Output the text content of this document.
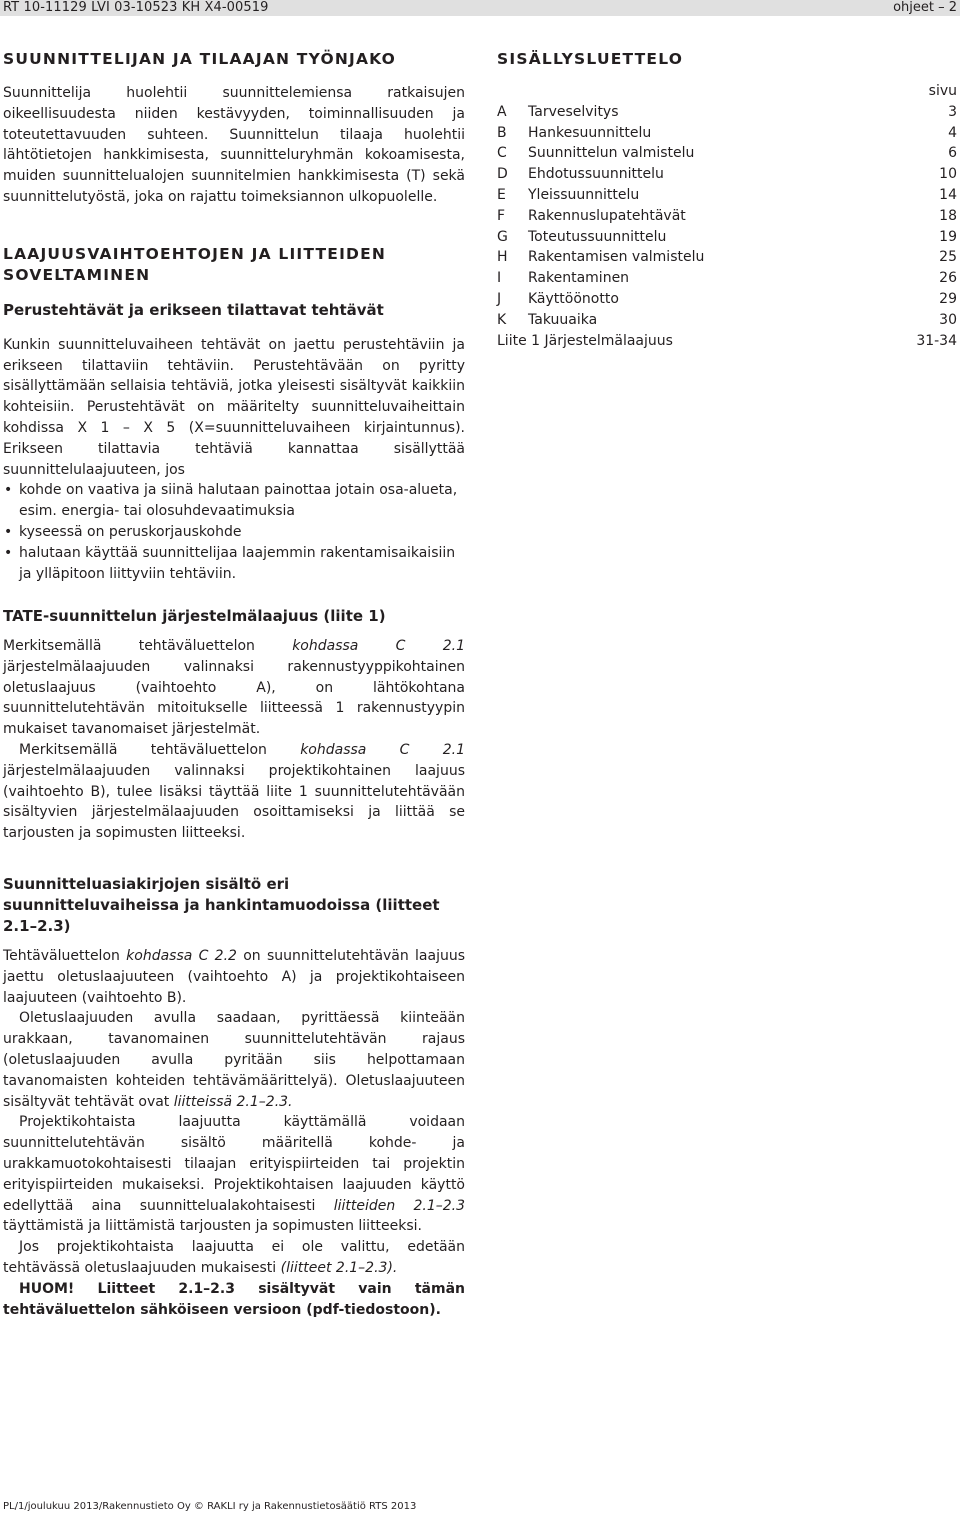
RT 10-11129 LVI 03-10523 KH X4-00519	ohjeet – 2
SUUNNITTELIJAN JA TILAAJAN TYÖNJAKO

Suunnittelija huolehtii suunnittelemiensa ratkaisujen oikeellisuudesta niiden kestävyyden, toiminnallisuuden ja toteutettavuuden suhteen. Suunnittelun tilaaja huolehtii lähtötietojen hankkimisesta, suunnitteluryhmän kokoamisesta, muiden suunnittelualojen suunnitelmien hankkimisesta (T) sekä suunnittelutyöstä, joka on rajattu toimeksiannon ulkopuolelle.

LAAJUUSVAIHTOEHTOJEN JA LIITTEIDEN SOVELTAMINEN
Perustehtävät ja erikseen tilattavat tehtävät

Kunkin suunnitteluvaiheen tehtävät on jaettu perustehtäviin ja erikseen tilattaviin tehtäviin. Perustehtävään on pyritty sisällyttämään sellaisia tehtäviä, jotka yleisesti sisältyvät kaikkiin kohteisiin. Perustehtävät on määritelty suunnitteluvaiheittain kohdissa X 1 – X 5 (X=suunnitteluvaiheen kirjaintunnus). Erikseen tilattavia tehtäviä kannattaa sisällyttää suunnittelulaajuuteen, jos

• kohde on vaativa ja siinä halutaan painottaa jotain osa-alueta, esim. energia- tai olosuhdevaatimuksia
• kyseessä on peruskorjauskohde
• halutaan käyttää suunnittelijaa laajemmin rakentamisaikaisiin ja ylläpitoon liittyviin tehtäviin.
SISÄLLYSLUETTELO
sivu		
A	Tarveselvitys	3
B	Hankesuunnittelu	4
C	Suunnittelun valmistelu	6
D	Ehdotussuunnittelu	10
E	Yleissuunnittelu	14
F	Rakennuslupatehtävät	18
G	Toteutussuunnittelu	19
H	Rakentamisen valmistelu	25
I	Rakentaminen	26
J	Käyttöönotto	29
K	Takuuaika	30
Liite 1 Järjestelmälaajuus		31-34
TATE-suunnittelun järjestelmälaajuus (liite 1)

Merkitsemällä tehtäväluettelon kohdassa C 2.1 järjestelmälaajuuden valinnaksi rakennustyyppikohtainen oletuslaajuus (vaihtoehto A), on lähtökohtana suunnittelutehtävän mitoitukselle liitteessä 1 rakennustyypin mukaiset tavanomaiset järjestelmät.

Merkitsemällä tehtäväluettelon kohdassa C 2.1 järjestelmälaajuuden valinnaksi projektikohtainen laajuus (vaihtoehto B), tulee lisäksi täyttää liite 1 suunnittelutehtävään sisältyvien järjestelmälaajuuden osoittamiseksi ja liittää se tarjousten ja sopimusten liitteeksi.

Suunnitteluasiakirjojen sisältö eri suunnitteluvaiheissa ja hankintamuodoissa (liitteet 2.1–2.3)

Tehtäväluettelon kohdassa C 2.2 on suunnittelutehtävän laajuus jaettu oletuslaajuuteen (vaihtoehto A) ja projektikohtaiseen laajuuteen (vaihtoehto B).

Oletuslaajuuden avulla saadaan, pyrittäessä kiinteään urakkaan, tavanomainen suunnittelutehtävän rajaus (oletuslaajuuden avulla pyritään siis helpottamaan tavanomaisten kohteiden tehtävämäärittelyä). Oletuslaajuuteen sisältyvät tehtävät ovat liitteissä 2.1–2.3.

Projektikohtaista laajuutta käyttämällä voidaan suunnittelutehtävän sisältö määritellä kohde- ja urakkamuotokohtaisesti tilaajan erityispiirteiden tai projektin erityispiirteiden mukaiseksi. Projektikohtaisen laajuuden käyttö edellyttää aina suunnittelualakohtaisesti liitteiden 2.1–2.3 täyttämistä ja liittämistä tarjousten ja sopimusten liitteeksi.

Jos projektikohtaista laajuutta ei ole valittu, edetään tehtävässä oletuslaajuuden mukaisesti (liitteet 2.1–2.3).

HUOM! Liitteet 2.1–2.3 sisältyvät vain tämän tehtäväluettelon sähköiseen versioon (pdf-tiedostoon).

PL/1/joulukuu 2013/Rakennustieto Oy © RAKLI ry ja Rakennustietosäätiö RTS 2013
